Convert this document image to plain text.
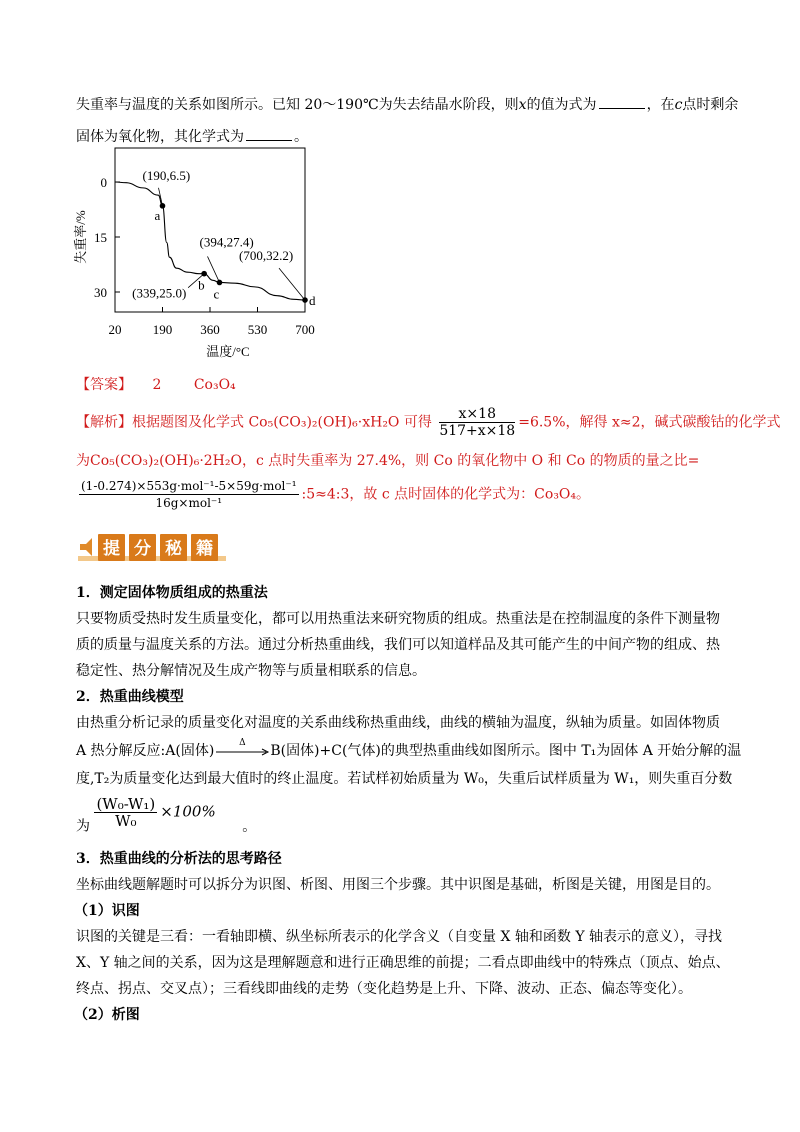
失重率与温度的关系如图所示。已知 20～190℃为失去结晶水阶段，则x的值为式为	，在c点时剩余
固体为氧化物，其化学式为	。
20 190 360 530 700
温度/°C
0
15
30
失重率/%	a
(190,6.5)
b
(339,25.0) c
(394,27.4)
d
(700,32.2)
【答案】 2 Co₃O₄
【解析】根据题图及化学式 Co₅(CO₃)₂(OH)₆·xH₂O 可得 $\frac{x\times 18}{517+x\times 18} =6.5\%$，解得 x≈2，碱式碳酸钴的化学式
为Co₅(CO₃)₂(OH)₆·2H₂O，c 点时失重率为 27.4%，则 Co 的氧化物中 O 和 Co 的物质的量之比=
$\frac{\text{(1-0.274)×553g·mol⁻¹-5×59g·mol⁻¹}}{\text{16g×mol⁻¹}}$ :5≈4:3，故 c 点时固体的化学式为：Co₃O₄。
提 分 秘 籍
1．测定固体物质组成的热重法
只要物质受热时发生质量变化，都可以用热重法来研究物质的组成。热重法是在控制温度的条件下测量物
质的质量与温度关系的方法。通过分析热重曲线，我们可以知道样品及其可能产生的中间产物的组成、热
稳定性、热分解情况及生成产物等与质量相联系的信息。
2．热重曲线模型
由热重分析记录的质量变化对温度的关系曲线称热重曲线，曲线的横轴为温度，纵轴为质量。如固体物质
A 热分解反应:A(固体)	Δ	B(固体)+C(气体)的典型热重曲线如图所示。图中 T₁为固体 A 开始分解的温
度,T₂为质量变化达到最大值时的终止温度。若试样初始质量为 W₀，失重后试样质量为 W₁，则失重百分数
为 $\frac{\text{(W₀-W₁)}}{\text{W₀}} \times 100\%$ 。
3．热重曲线的分析法的思考路径
坐标曲线题解题时可以拆分为识图、析图、用图三个步骤。其中识图是基础，析图是关键，用图是目的。
（1）识图
识图的关键是三看：一看轴即横、纵坐标所表示的化学含义（自变量 X 轴和函数 Y 轴表示的意义），寻找
X、Y 轴之间的关系，因为这是理解题意和进行正确思维的前提；二看点即曲线中的特殊点（顶点、始点、
终点、拐点、交叉点）；三看线即曲线的走势（变化趋势是上升、下降、波动、正态、偏态等变化）。
（2）析图
